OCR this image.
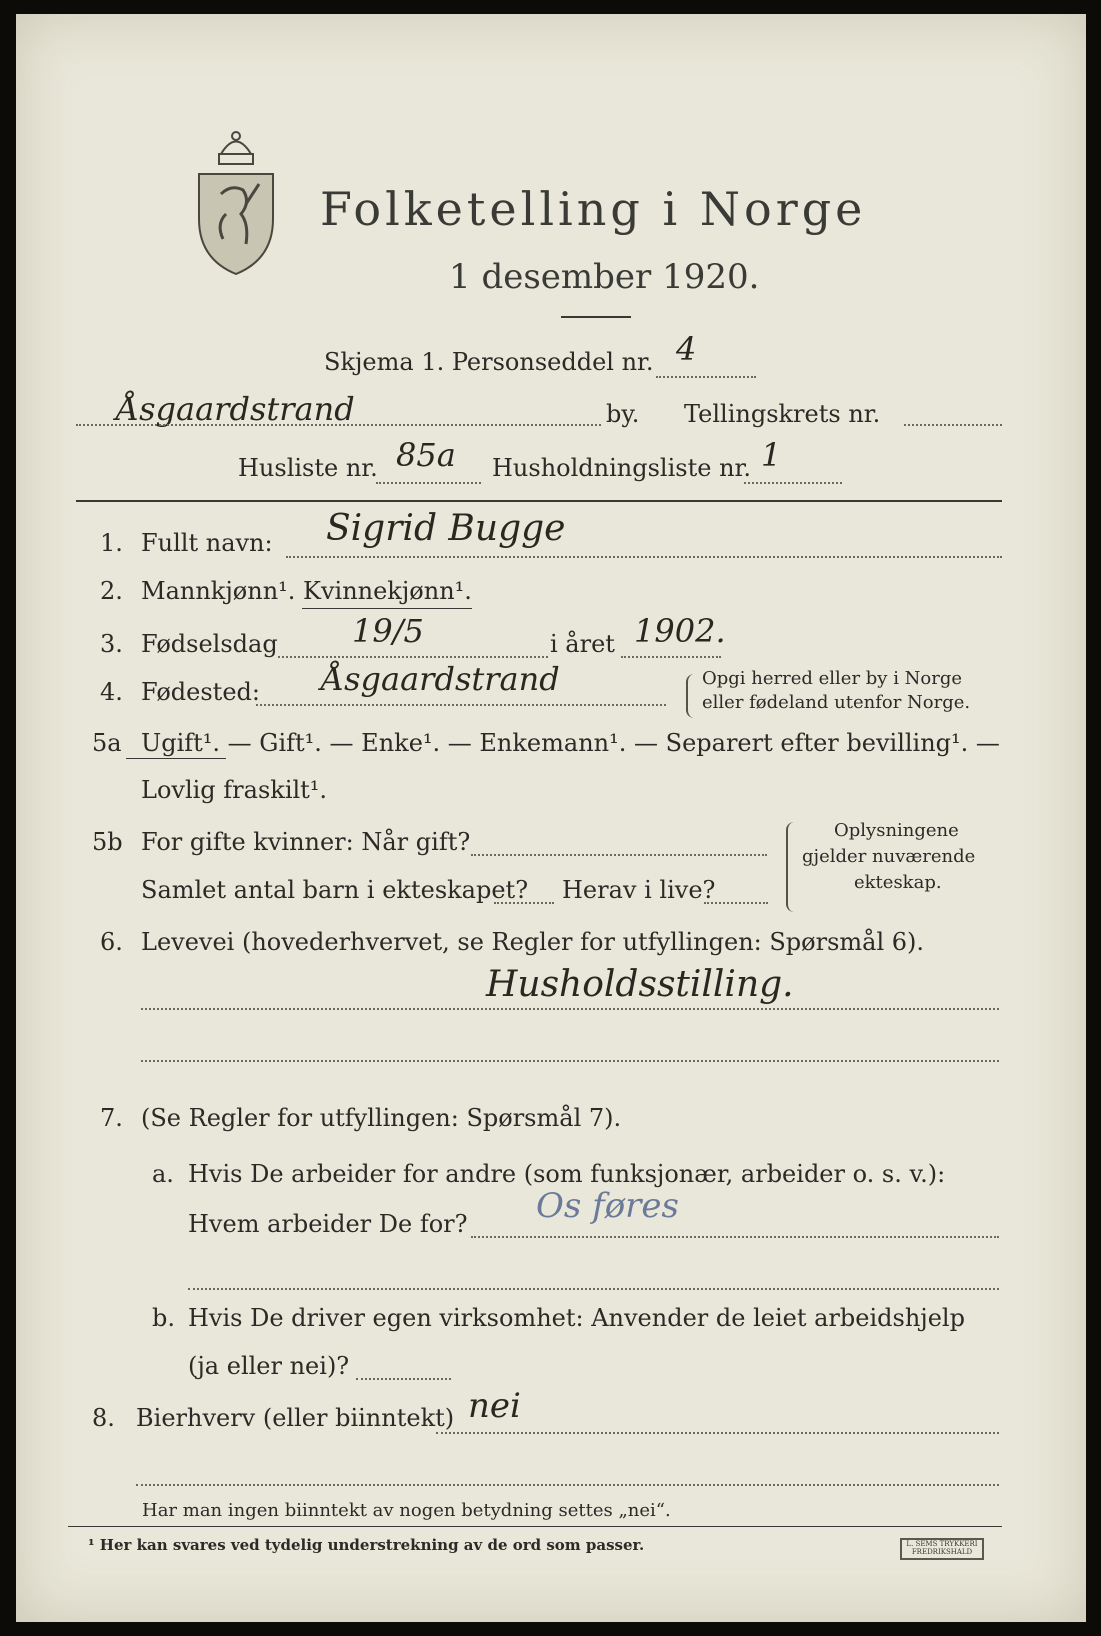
Folketelling i Norge
1 desember 1920.
Skjema 1. Personseddel nr. 4
Åsgaardstrand	by. Tellingskrets nr.
Husliste nr. 85a Husholdningsliste nr. 1
1. Fullt navn: Sigrid Bugge
2. Mannkjønn¹. Kvinnekjønn¹.
3. Fødselsdag 19/5	i året 1902.
4. Fødested: Åsgaardstrand	Opgi herred eller by i Norge
eller fødeland utenfor Norge.
5a Ugift¹. — Gift¹. — Enke¹. — Enkemann¹. — Separert efter bevilling¹. —
Lovlig fraskilt¹.
5b For gifte kvinner: Når gift?
Samlet antal barn i ekteskapet? Herav i live?
Oplysningene
gjelder nuværende
ekteskap.
6. Levevei (hovederhvervet, se Regler for utfyllingen: Spørsmål 6).
Husholdsstilling.
7. (Se Regler for utfyllingen: Spørsmål 7).
a. Hvis De arbeider for andre (som funksjonær, arbeider o. s. v.):
Hvem arbeider De for? Os føres
b. Hvis De driver egen virksomhet: Anvender de leiet arbeidshjelp
(ja eller nei)?
8. Bierhverv (eller biinntekt) nei
Har man ingen biinntekt av nogen betydning settes „nei“.
¹ Her kan svares ved tydelig understrekning av de ord som passer.	L. SEMS TRYKKERI
FREDRIKSHALD
